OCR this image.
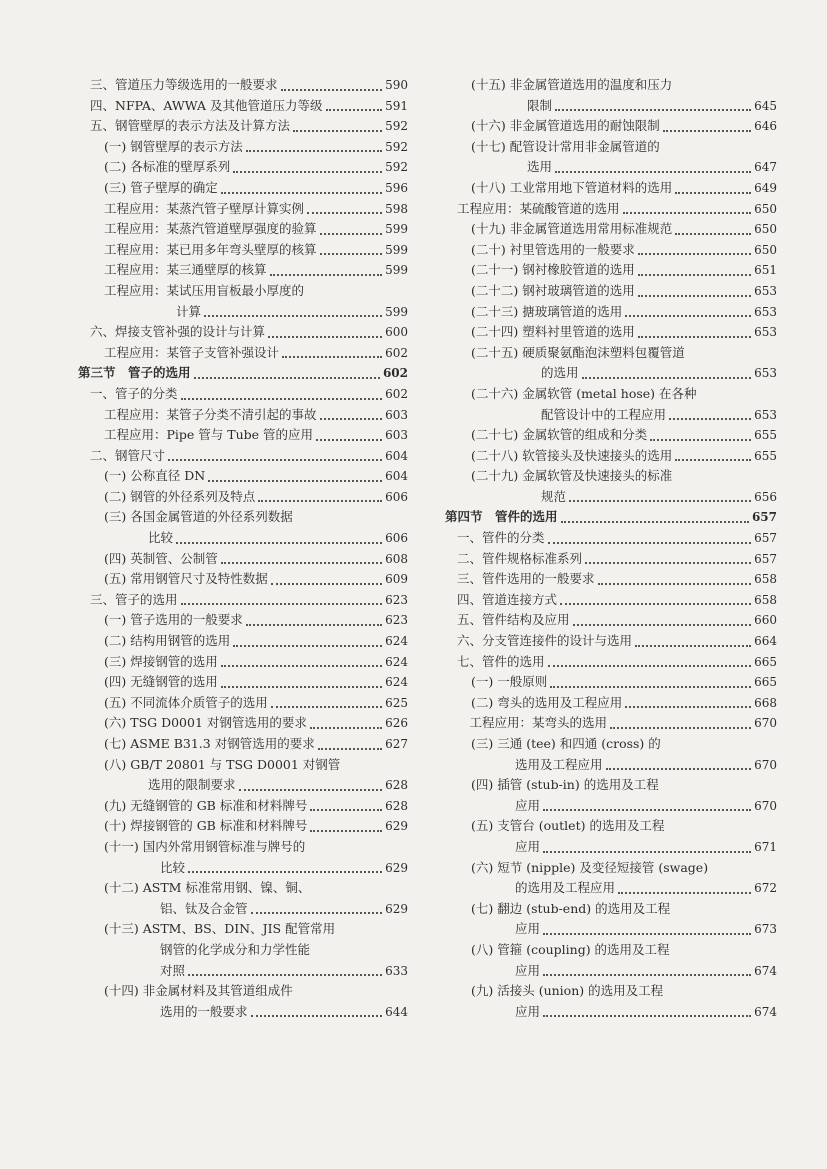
三、管道压力等级选用的一般要求	590
四、NFPA、AWWA 及其他管道压力等级	591
五、钢管壁厚的表示方法及计算方法	592
(一) 钢管壁厚的表示方法	592
(二) 各标准的壁厚系列	592
(三) 管子壁厚的确定	596
工程应用：某蒸汽管子壁厚计算实例	598
工程应用：某蒸汽管道壁厚强度的验算	599
工程应用：某已用多年弯头壁厚的核算	599
工程应用：某三通壁厚的核算	599
工程应用：某试压用盲板最小厚度的
计算	599
六、焊接支管补强的设计与计算	600
工程应用：某管子支管补强设计	602
第三节　管子的选用	602
一、管子的分类	602
工程应用：某管子分类不清引起的事故	603
工程应用：Pipe 管与 Tube 管的应用	603
二、钢管尺寸	604
(一) 公称直径 DN	604
(二) 钢管的外径系列及特点	606
(三) 各国金属管道的外径系列数据
比较	606
(四) 英制管、公制管	608
(五) 常用钢管尺寸及特性数据	609
三、管子的选用	623
(一) 管子选用的一般要求	623
(二) 结构用钢管的选用	624
(三) 焊接钢管的选用	624
(四) 无缝钢管的选用	624
(五) 不同流体介质管子的选用	625
(六) TSG D0001 对钢管选用的要求	626
(七) ASME B31.3 对钢管选用的要求	627
(八) GB/T 20801 与 TSG D0001 对钢管
选用的限制要求	628
(九) 无缝钢管的 GB 标准和材料牌号	628
(十) 焊接钢管的 GB 标准和材料牌号	629
(十一) 国内外常用钢管标准与牌号的
比较	629
(十二) ASTM 标准常用钢、镍、铜、
铝、钛及合金管	629
(十三) ASTM、BS、DIN、JIS 配管常用
钢管的化学成分和力学性能
对照	633
(十四) 非金属材料及其管道组成件
选用的一般要求	644
(十五) 非金属管道选用的温度和压力
限制	645
(十六) 非金属管道选用的耐蚀限制	646
(十七) 配管设计常用非金属管道的
选用	647
(十八) 工业常用地下管道材料的选用	649
工程应用：某硫酸管道的选用	650
(十九) 非金属管道选用常用标准规范	650
(二十) 衬里管选用的一般要求	650
(二十一) 钢衬橡胶管道的选用	651
(二十二) 钢衬玻璃管道的选用	653
(二十三) 搪玻璃管道的选用	653
(二十四) 塑料衬里管道的选用	653
(二十五) 硬质聚氨酯泡沫塑料包覆管道
的选用	653
(二十六) 金属软管 (metal hose) 在各种
配管设计中的工程应用	653
(二十七) 金属软管的组成和分类	655
(二十八) 软管接头及快速接头的选用	655
(二十九) 金属软管及快速接头的标准
规范	656
第四节　管件的选用	657
一、管件的分类	657
二、管件规格标准系列	657
三、管件选用的一般要求	658
四、管道连接方式	658
五、管件结构及应用	660
六、分支管连接件的设计与选用	664
七、管件的选用	665
(一) 一般原则	665
(二) 弯头的选用及工程应用	668
　工程应用：某弯头的选用	670
(三) 三通 (tee) 和四通 (cross) 的
选用及工程应用	670
(四) 插管 (stub-in) 的选用及工程
应用	670
(五) 支管台 (outlet) 的选用及工程
应用	671
(六) 短节 (nipple) 及变径短接管 (swage)
的选用及工程应用	672
(七) 翻边 (stub-end) 的选用及工程
应用	673
(八) 管箍 (coupling) 的选用及工程
应用	674
(九) 活接头 (union) 的选用及工程
应用	674
